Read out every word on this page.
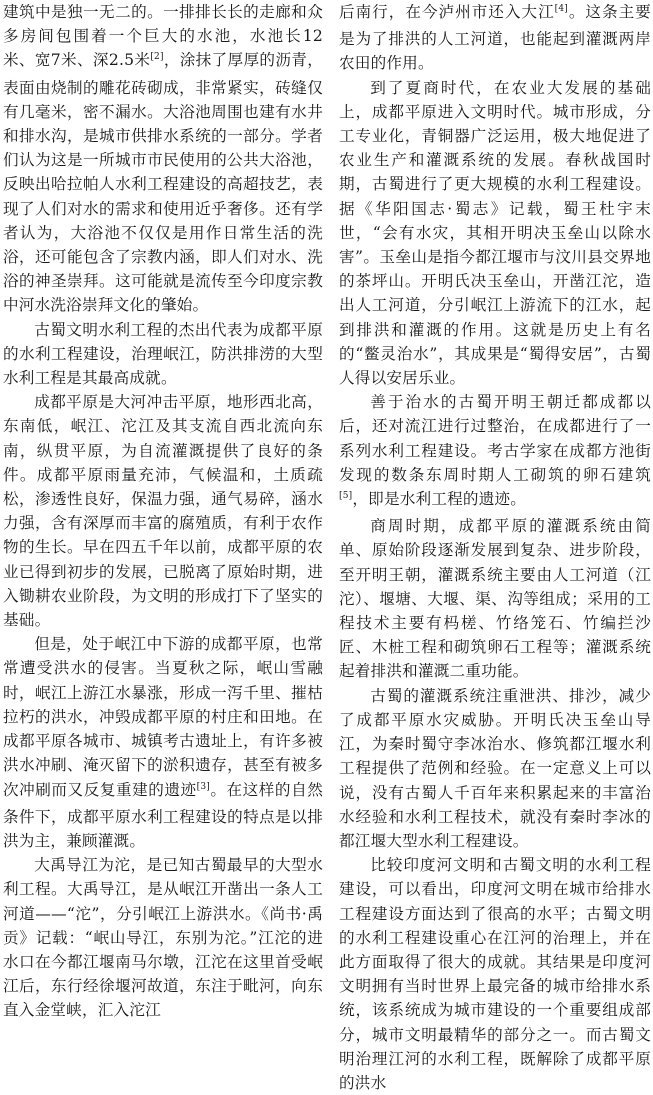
建筑中是独一无二的。一排排长长的走廊和众多房间包围着一个巨大的水池，水池长12米、宽7米、深2.5米[2]，涂抹了厚厚的沥青，表面由烧制的雕花砖砌成，非常紧实，砖缝仅有几毫米，密不漏水。大浴池周围也建有水井和排水沟，是城市供排水系统的一部分。学者们认为这是一所城市市民使用的公共大浴池，反映出哈拉帕人水利工程建设的高超技艺，表现了人们对水的需求和使用近乎奢侈。还有学者认为，大浴池不仅仅是用作日常生活的洗浴，还可能包含了宗教内涵，即人们对水、洗浴的神圣崇拜。这可能就是流传至今印度宗教中河水洗浴崇拜文化的肇始。

古蜀文明水利工程的杰出代表为成都平原的水利工程建设，治理岷江，防洪排涝的大型水利工程是其最高成就。

成都平原是大河冲击平原，地形西北高，东南低，岷江、沱江及其支流自西北流向东南，纵贯平原，为自流灌溉提供了良好的条件。成都平原雨量充沛，气候温和，土质疏松，渗透性良好，保温力强，通气易碎，涵水力强，含有深厚而丰富的腐殖质，有利于农作物的生长。早在四五千年以前，成都平原的农业已得到初步的发展，已脱离了原始时期，进入锄耕农业阶段，为文明的形成打下了坚实的基础。

但是，处于岷江中下游的成都平原，也常常遭受洪水的侵害。当夏秋之际，岷山雪融时，岷江上游江水暴涨，形成一泻千里、摧枯拉朽的洪水，冲毁成都平原的村庄和田地。在成都平原各城市、城镇考古遗址上，有许多被洪水冲刷、淹灭留下的淤积遗存，甚至有被多次冲刷而又反复重建的遗迹[3]。在这样的自然条件下，成都平原水利工程建设的特点是以排洪为主，兼顾灌溉。

大禹导江为沱，是已知古蜀最早的大型水利工程。大禹导江，是从岷江开凿出一条人工河道——“沱”，分引岷江上游洪水。《尚书·禹贡》记载：“岷山导江，东别为沱。”江沱的进水口在今都江堰南马尔墩，江沱在这里首受岷江后，东行经徐堰河故道，东注于毗河，向东直入金堂峡，汇入沱江

后南行，在今泸州市还入大江[4]。这条主要是为了排洪的人工河道，也能起到灌溉两岸农田的作用。

到了夏商时代，在农业大发展的基础上，成都平原进入文明时代。城市形成，分工专业化，青铜器广泛运用，极大地促进了农业生产和灌溉系统的发展。春秋战国时期，古蜀进行了更大规模的水利工程建设。据《华阳国志·蜀志》记载，蜀王杜宇末世，“会有水灾，其相开明决玉垒山以除水害”。玉垒山是指今都江堰市与汶川县交界地的茶坪山。开明氏决玉垒山，开凿江沱，造出人工河道，分引岷江上游流下的江水，起到排洪和灌溉的作用。这就是历史上有名的“鳖灵治水”，其成果是“蜀得安居”，古蜀人得以安居乐业。

善于治水的古蜀开明王朝迁都成都以后，还对流江进行过整治，在成都进行了一系列水利工程建设。考古学家在成都方池街发现的数条东周时期人工砌筑的卵石建筑[5]，即是水利工程的遗迹。

商周时期，成都平原的灌溉系统由简单、原始阶段逐渐发展到复杂、进步阶段，至开明王朝，灌溉系统主要由人工河道（江沱）、堰塘、大堰、渠、沟等组成；采用的工程技术主要有杩槎、竹络笼石、竹编拦沙匠、木桩工程和砌筑卵石工程等；灌溉系统起着排洪和灌溉二重功能。

古蜀的灌溉系统注重泄洪、排沙，减少了成都平原水灾威胁。开明氏决玉垒山导江，为秦时蜀守李冰治水、修筑都江堰水利工程提供了范例和经验。在一定意义上可以说，没有古蜀人千百年来积累起来的丰富治水经验和水利工程技术，就没有秦时李冰的都江堰大型水利工程建设。

比较印度河文明和古蜀文明的水利工程建设，可以看出，印度河文明在城市给排水工程建设方面达到了很高的水平；古蜀文明的水利工程建设重心在江河的治理上，并在此方面取得了很大的成就。其结果是印度河文明拥有当时世界上最完备的城市给排水系统，该系统成为城市建设的一个重要组成部分，城市文明最精华的部分之一。而古蜀文明治理江河的水利工程，既解除了成都平原的洪水
